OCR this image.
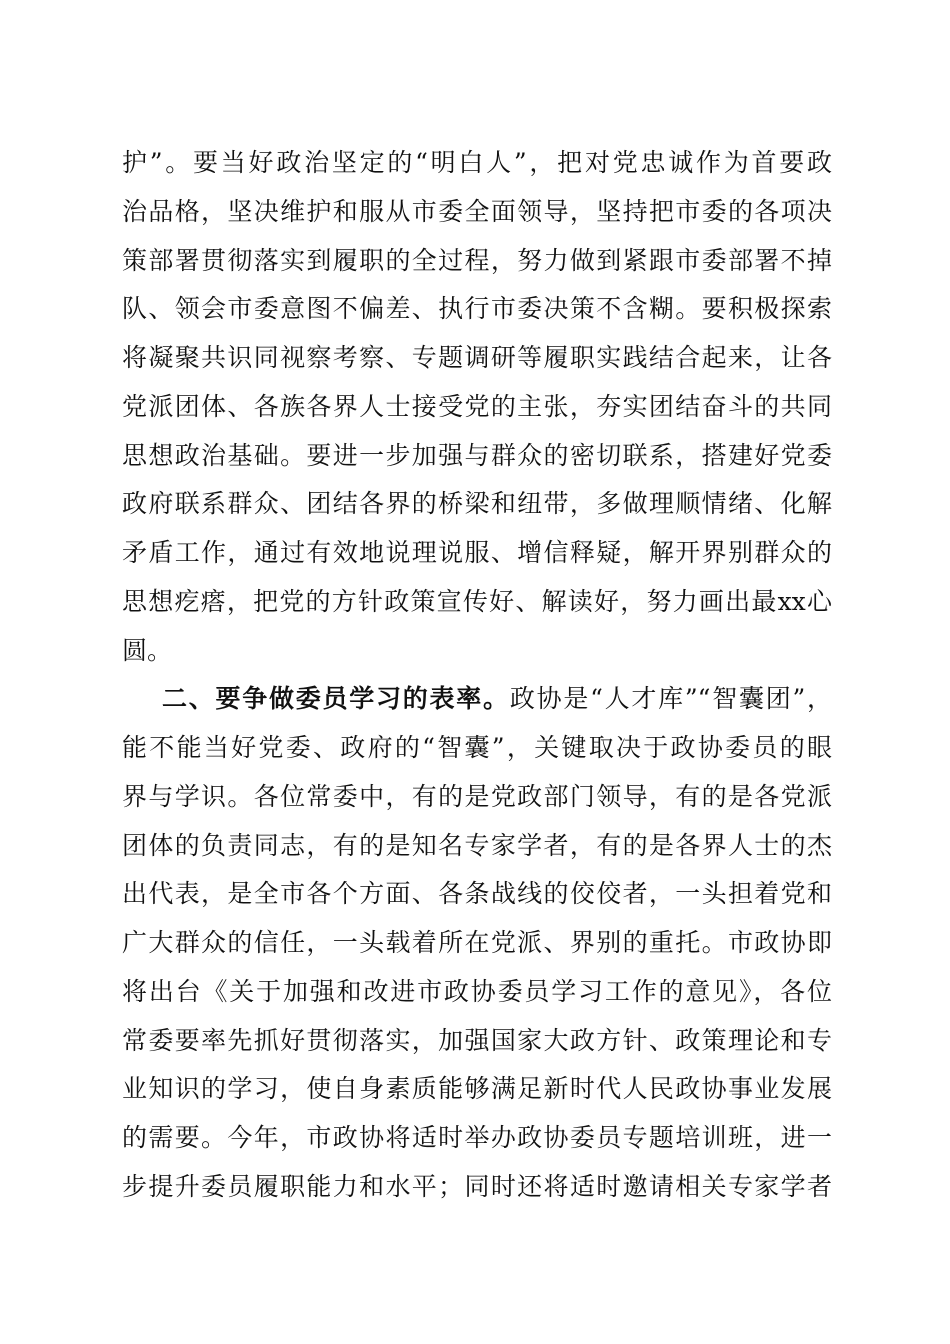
护”。要当好政治坚定的“明白人”，把对党忠诚作为首要政
治品格，坚决维护和服从市委全面领导，坚持把市委的各项决
策部署贯彻落实到履职的全过程，努力做到紧跟市委部署不掉
队、领会市委意图不偏差、执行市委决策不含糊。要积极探索
将凝聚共识同视察考察、专题调研等履职实践结合起来，让各
党派团体、各族各界人士接受党的主张，夯实团结奋斗的共同
思想政治基础。要进一步加强与群众的密切联系，搭建好党委
政府联系群众、团结各界的桥梁和纽带，多做理顺情绪、化解
矛盾工作，通过有效地说理说服、增信释疑，解开界别群众的
思想疙瘩，把党的方针政策宣传好、解读好，努力画出最xx心
圆。
二、要争做委员学习的表率。政协是“人才库”“智囊团”，
能不能当好党委、政府的“智囊”，关键取决于政协委员的眼
界与学识。各位常委中，有的是党政部门领导，有的是各党派
团体的负责同志，有的是知名专家学者，有的是各界人士的杰
出代表，是全市各个方面、各条战线的佼佼者，一头担着党和
广大群众的信任，一头载着所在党派、界别的重托。市政协即
将出台《关于加强和改进市政协委员学习工作的意见》，各位
常委要率先抓好贯彻落实，加强国家大政方针、政策理论和专
业知识的学习，使自身素质能够满足新时代人民政协事业发展
的需要。今年，市政协将适时举办政协委员专题培训班，进一
步提升委员履职能力和水平；同时还将适时邀请相关专家学者
